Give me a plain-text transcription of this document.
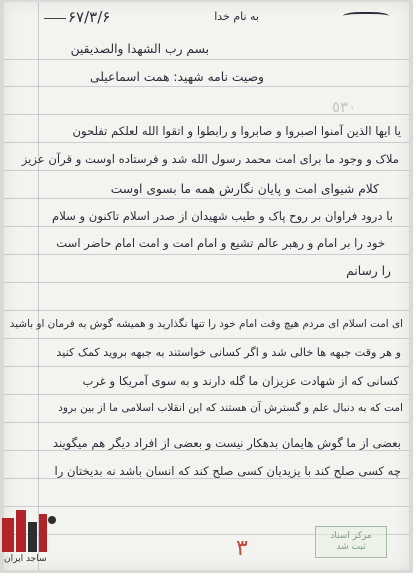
۶۷/۳/۶	به نام خدا
٥٣٠
بسم رب الشهدا والصدیقین
وصیت نامه شهید: همت اسماعیلی
یا ایها الذین آمنوا اصبروا و صابروا و رابطوا و اتقوا الله لعلکم تفلحون
ملاک و وجود ما برای امت محمد رسول الله شد و فرستاده اوست و قرآن عزیز
کلام شیوای امت و پایان نگارش همه ما بسوی اوست
با درود فراوان بر روح پاک و طیب شهیدان از صدر اسلام تاکنون و سلام
خود را بر امام و رهبر عالم تشیع و امام امت و امت امام حاضر است
را رسانم
ای امت اسلام ای مردم هیچ وقت امام خود را تنها نگذارید و همیشه گوش به فرمان او باشید
و هر وقت جبهه ها خالی شد و اگر کسانی خواستند به جبهه بروید کمک کنید
کسانی که از شهادت عزیزان ما گله دارند و به سوی آمریکا و غرب
امت که به دنبال علم و گسترش آن هستند که این انقلاب اسلامی ما از بین برود
بعضی از ما گوش هایمان بدهکار نیست و بعضی از افراد دیگر هم میگویند
چه کسی صلح کند با یزیدیان کسی صلح کند که انسان باشد نه بدیختان را
مرکز اسناد
ثبت شد
۳
ساجد ایران
